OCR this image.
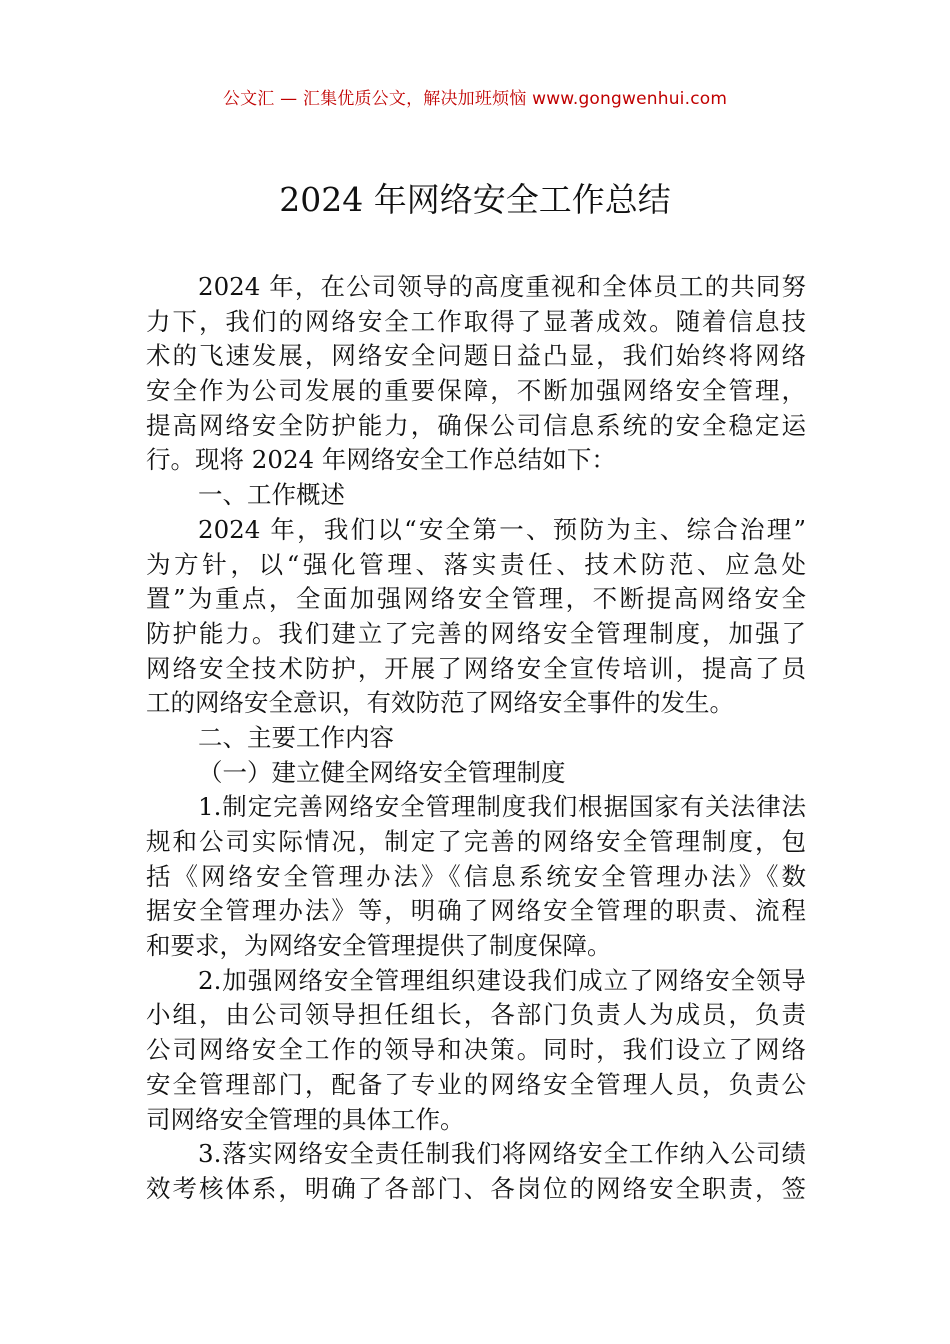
公文汇 — 汇集优质公文，解决加班烦恼 www.gongwenhui.com
2024 年网络安全工作总结
2024 年，在公司领导的高度重视和全体员工的共同努
力下，我们的网络安全工作取得了显著成效。随着信息技
术的飞速发展，网络安全问题日益凸显，我们始终将网络
安全作为公司发展的重要保障，不断加强网络安全管理，
提高网络安全防护能力，确保公司信息系统的安全稳定运
行。现将 2024 年网络安全工作总结如下：
一、工作概述
2024 年，我们以“安全第一、预防为主、综合治理”
为方针，以“强化管理、落实责任、技术防范、应急处
置”为重点，全面加强网络安全管理，不断提高网络安全
防护能力。我们建立了完善的网络安全管理制度，加强了
网络安全技术防护，开展了网络安全宣传培训，提高了员
工的网络安全意识，有效防范了网络安全事件的发生。
二、主要工作内容
（一）建立健全网络安全管理制度
1.制定完善网络安全管理制度我们根据国家有关法律法
规和公司实际情况，制定了完善的网络安全管理制度，包
括《网络安全管理办法》《信息系统安全管理办法》《数
据安全管理办法》等，明确了网络安全管理的职责、流程
和要求，为网络安全管理提供了制度保障。
2.加强网络安全管理组织建设我们成立了网络安全领导
小组，由公司领导担任组长，各部门负责人为成员，负责
公司网络安全工作的领导和决策。同时，我们设立了网络
安全管理部门，配备了专业的网络安全管理人员，负责公
司网络安全管理的具体工作。
3.落实网络安全责任制我们将网络安全工作纳入公司绩
效考核体系，明确了各部门、各岗位的网络安全职责，签
